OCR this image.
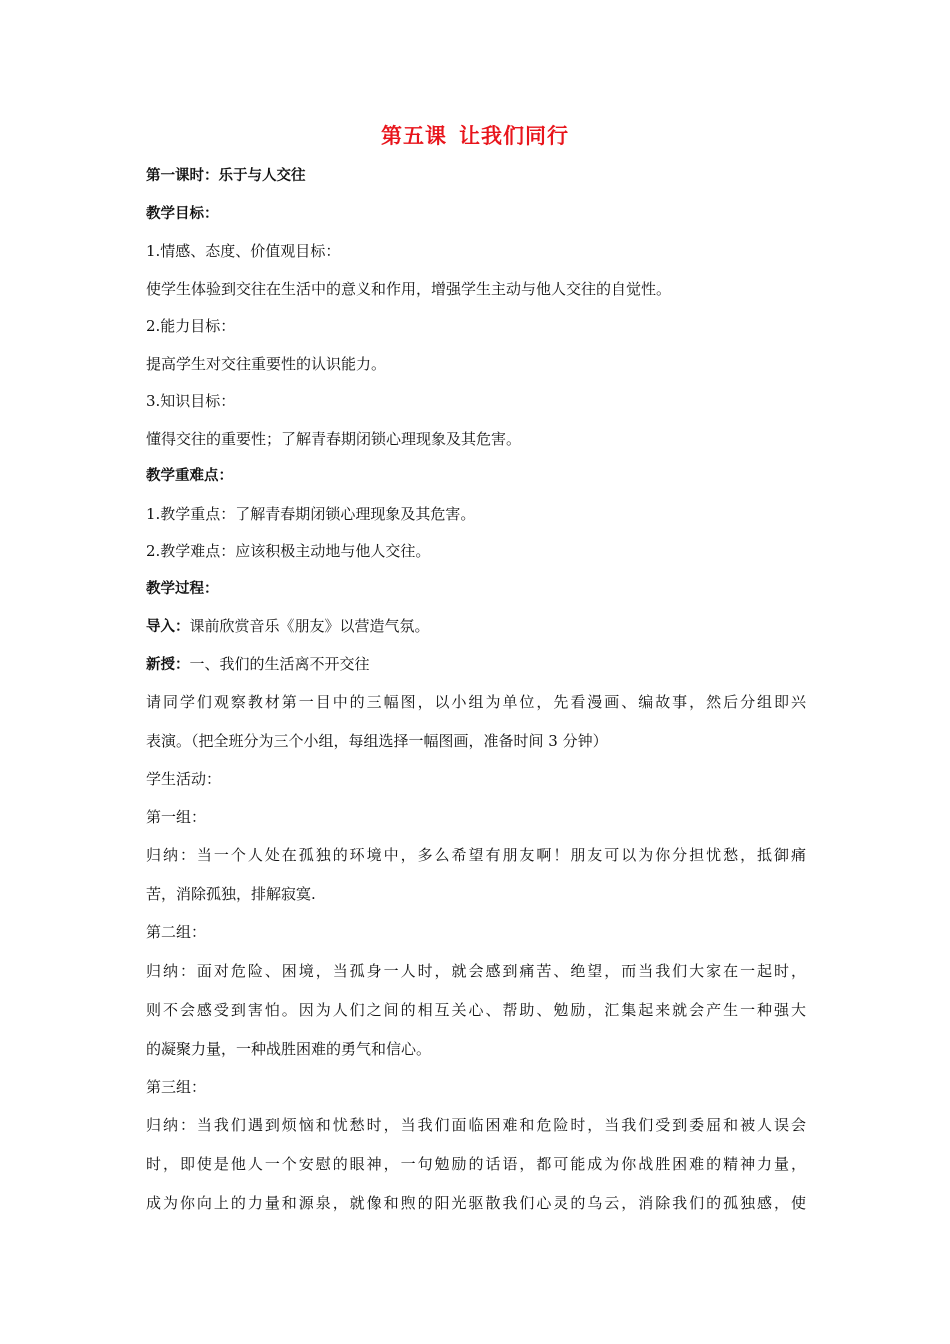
第五课 让我们同行
第一课时：乐于与人交往
教学目标：
1.情感、态度、价值观目标：
使学生体验到交往在生活中的意义和作用，增强学生主动与他人交往的自觉性。
2.能力目标：
提高学生对交往重要性的认识能力。
3.知识目标：
懂得交往的重要性；了解青春期闭锁心理现象及其危害。
教学重难点：
1.教学重点：了解青春期闭锁心理现象及其危害。
2.教学难点：应该积极主动地与他人交往。
教学过程：
导入：课前欣赏音乐《朋友》以营造气氛。
新授：一、我们的生活离不开交往
请同学们观察教材第一目中的三幅图，以小组为单位，先看漫画、编故事，然后分组即兴
表演。（把全班分为三个小组，每组选择一幅图画，准备时间 3 分钟）
学生活动：
第一组：
归纳：当一个人处在孤独的环境中，多么希望有朋友啊！朋友可以为你分担忧愁，抵御痛
苦，消除孤独，排解寂寞.
第二组：
归纳：面对危险、困境，当孤身一人时，就会感到痛苦、绝望，而当我们大家在一起时，
则不会感受到害怕。因为人们之间的相互关心、帮助、勉励，汇集起来就会产生一种强大
的凝聚力量，一种战胜困难的勇气和信心。
第三组：
归纳：当我们遇到烦恼和忧愁时，当我们面临困难和危险时，当我们受到委屈和被人误会
时，即使是他人一个安慰的眼神，一句勉励的话语，都可能成为你战胜困难的精神力量，
成为你向上的力量和源泉，就像和煦的阳光驱散我们心灵的乌云，消除我们的孤独感，使
